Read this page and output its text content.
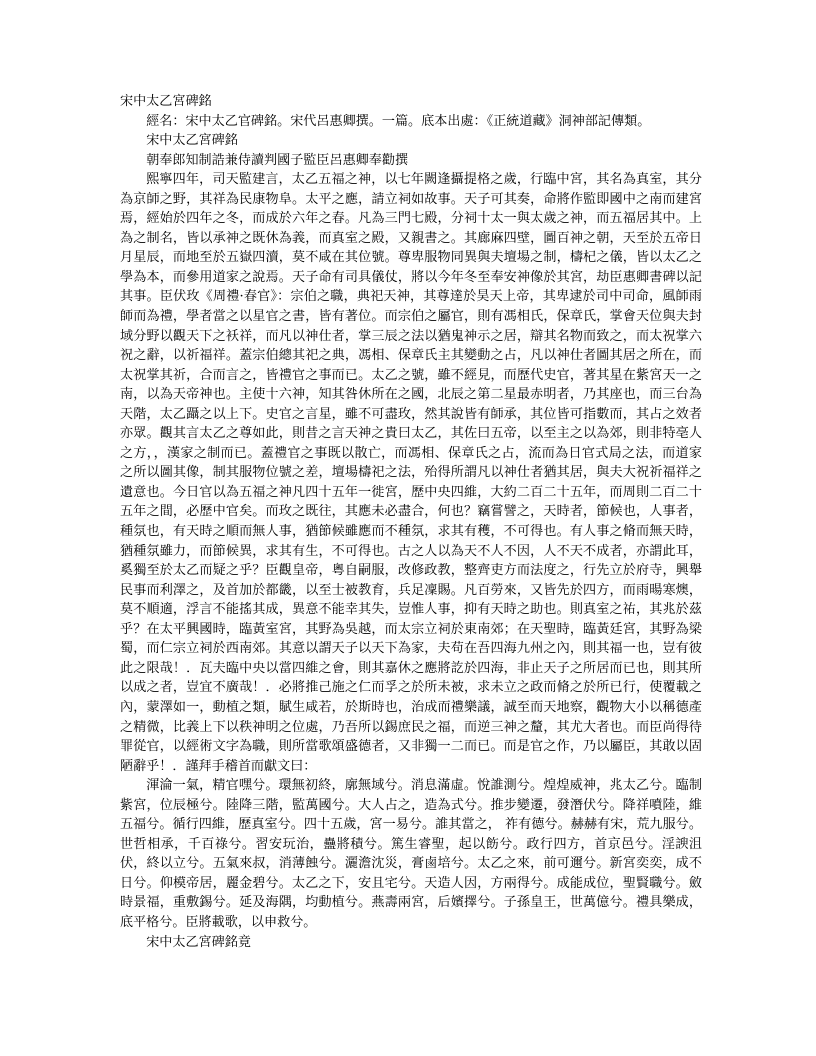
宋中太乙宮碑銘

經名：宋中太乙官碑銘。宋代呂惠卿撰。一篇。底本出處：《正統道藏》洞神部記傳類。

宋中太乙宮碑銘

朝奉郎知制誥兼侍讀判國子監臣呂惠卿奉勸撰

熙寧四年，司天監建言，太乙五福之神，以七年闕逢攝提格之歲，行臨中宮，其名為真室，其分為京師之野，其祥為民康物阜。太平之應，請立祠如故事。天子可其奏，命將作監即國中之南而建宮焉，經始於四年之冬，而成於六年之春。凡為三門七殿，分祠十太一與太歲之神，而五福居其中。上為之制名，皆以承神之既休為義，而真室之殿，又親書之。其廊麻四壁，圖百神之朝，天至於五帝日月星辰，而地至於五嶽四瀆，莫不咸在其位號。尊卑服物同異與夫壇場之制，檮杞之儀，皆以太乙之學為本，而參用道家之說焉。天子命有司具儀仗，將以今年冬至奉安神像於其宮，劫臣惠卿書碑以記其事。臣伏玫《周禮·春官》：宗伯之職，典祀天神，其尊達於昊天上帝，其卑逮於司中司命，風師雨師而為禮，學者當之以星官之書，皆有著位。而宗伯之屬官，則有馮相氏，保章氏，掌會天位與夫封域分野以觀天下之袄祥，而凡以神仕者，掌三辰之法以猶鬼神示之居，辯其名物而致之，而太祝掌六祝之辭，以祈福祥。蓋宗伯總其祀之典，馮相、保章氏主其變動之占，凡以神仕者圖其居之所在，而太祝掌其祈，合而言之，皆禮官之事而已。太乙之號，雖不經見，而歷代史官，著其星在紫宮天一之南，以為天帝神也。主使十六神，知其咎休所在之國，北辰之第二星最赤明者，乃其座也，而三台為天階，太乙躡之以上下。史官之言星，雖不可盡玫，然其說皆有師承，其位皆可指數而，其占之效者亦眾。觀其言太乙之尊如此，則昔之言天神之貴曰太乙，其佐曰五帝，以至主之以為郊，則非特亳人之方，，漢家之制而已。蓋禮官之事既以散亡，而馮相、保章氏之占，流而為日官式局之法，而道家之所以圖其像，制其服物位號之差，壇場檮祀之法，殆得所謂凡以神仕者猶其居，與夫大祝祈福祥之遺意也。今日官以為五福之神凡四十五年一徙宮，歷中央四維，大約二百二十五年，而周則二百二十五年之間，必歷中官矣。而玫之既往，其應未必盡合，何也？竊嘗譬之，天時者，節候也，人事者，種氛也，有天時之順而無人事，猶節候雖應而不種氛，求其有穫，不可得也。有人事之脩而無天時，猶種氛雖力，而節候異，求其有生，不可得也。古之人以為天不人不因，人不天不成者，亦謂此耳，奚獨至於太乙而疑之乎？臣觀皇帝，粵自嗣服，改修政教，整齊吏方而法度之，行先立於府寺，興舉民事而利澤之，及首加於都畿，以至士被教育，兵足凜賜。凡百勞來，又皆先於四方，而雨暘寒燠，莫不順適，浮言不能搖其成，異意不能幸其失，豈惟人事，抑有天時之助也。則真室之祐，其兆於茲乎？在太平興國時，臨黃室宮，其野為吳越，而太宗立祠於東南郊；在天聖時，臨黃廷宮，其野為梁蜀，而仁宗立祠於西南郊。其意以謂天子以天下為家，夫苟在吾四海九州之內，則其福一也，豈有彼此之限哉！．瓦夫臨中央以當四維之會，則其嘉休之應將訖於四海，非止天子之所居而已也，則其所以成之者，豈宜不廣哉！．必將推己施之仁而孚之於所未被，求未立之政而脩之於所已行，使覆載之內，蒙澤如一，動植之類，賦生咸若，於斯時也，治成而禮樂議，誠至而天地察，觀物大小以稱德產之精微，比義上下以秩神明之位處，乃吾所以錫庶民之福，而逆三神之釐，其尤大者也。而臣尚得待罪從官，以經術文字為職，則所當歌頌盛德者，又非獨一二而已。而是官之作，乃以屬臣，其敢以固陋辭乎！．謹拜手稽首而獻文曰：

渾淪一氣，精官嘿兮。環無初終，廓無域兮。消息滿虛。悅誰測兮。煌煌威神，兆太乙兮。臨制紫宮，位辰極兮。陸降三階，監萬國兮。大人占之，造為式兮。推步變遷，發潛伏兮。降祥噴陸，維五福兮。循行四維，歷真室兮。四十五歲，宮一易兮。誰其當之， 祚有德兮。赫赫有宋，荒九服兮。世哲相承，千百祿兮。習安玩治，蠱將積兮。篤生睿聖，起以飭兮。政行四方，首京邑兮。淫諛沮伏，終以立兮。五氣來叔，消薄蝕兮。灑澹沈災，膏鹵培兮。太乙之來，前可邇兮。新宮奕奕，成不日兮。仰模帝居，麗金碧兮。太乙之下，安且宅兮。天造人因，方兩得兮。成能成位，聖賢職兮。斂時景福，重敷錫兮。延及海隅，均動植兮。燕壽兩宮，后嬪擇兮。子孫皇王，世萬億兮。禮具樂成，底平格兮。臣將載歌，以申救兮。

宋中太乙宮碑銘竟
